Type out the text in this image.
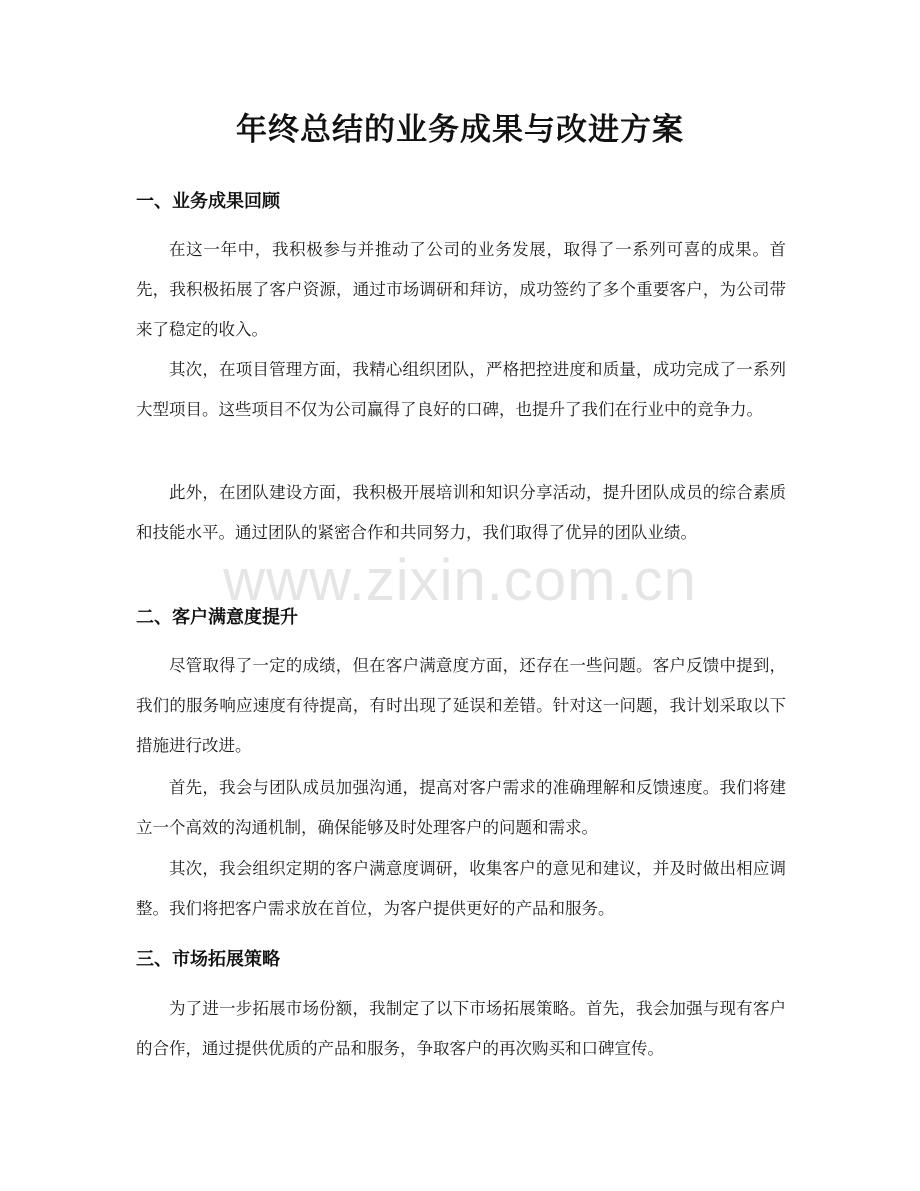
年终总结的业务成果与改进方案
一、业务成果回顾
在这一年中，我积极参与并推动了公司的业务发展，取得了一系列可喜的成果。首先，我积极拓展了客户资源，通过市场调研和拜访，成功签约了多个重要客户，为公司带来了稳定的收入。
其次，在项目管理方面，我精心组织团队，严格把控进度和质量，成功完成了一系列大型项目。这些项目不仅为公司赢得了良好的口碑，也提升了我们在行业中的竞争力。
此外，在团队建设方面，我积极开展培训和知识分享活动，提升团队成员的综合素质和技能水平。通过团队的紧密合作和共同努力，我们取得了优异的团队业绩。
www.zixin.com.cn
二、客户满意度提升
尽管取得了一定的成绩，但在客户满意度方面，还存在一些问题。客户反馈中提到，我们的服务响应速度有待提高，有时出现了延误和差错。针对这一问题，我计划采取以下措施进行改进。
首先，我会与团队成员加强沟通，提高对客户需求的准确理解和反馈速度。我们将建立一个高效的沟通机制，确保能够及时处理客户的问题和需求。
其次，我会组织定期的客户满意度调研，收集客户的意见和建议，并及时做出相应调整。我们将把客户需求放在首位，为客户提供更好的产品和服务。
三、市场拓展策略
为了进一步拓展市场份额，我制定了以下市场拓展策略。首先，我会加强与现有客户的合作，通过提供优质的产品和服务，争取客户的再次购买和口碑宣传。
